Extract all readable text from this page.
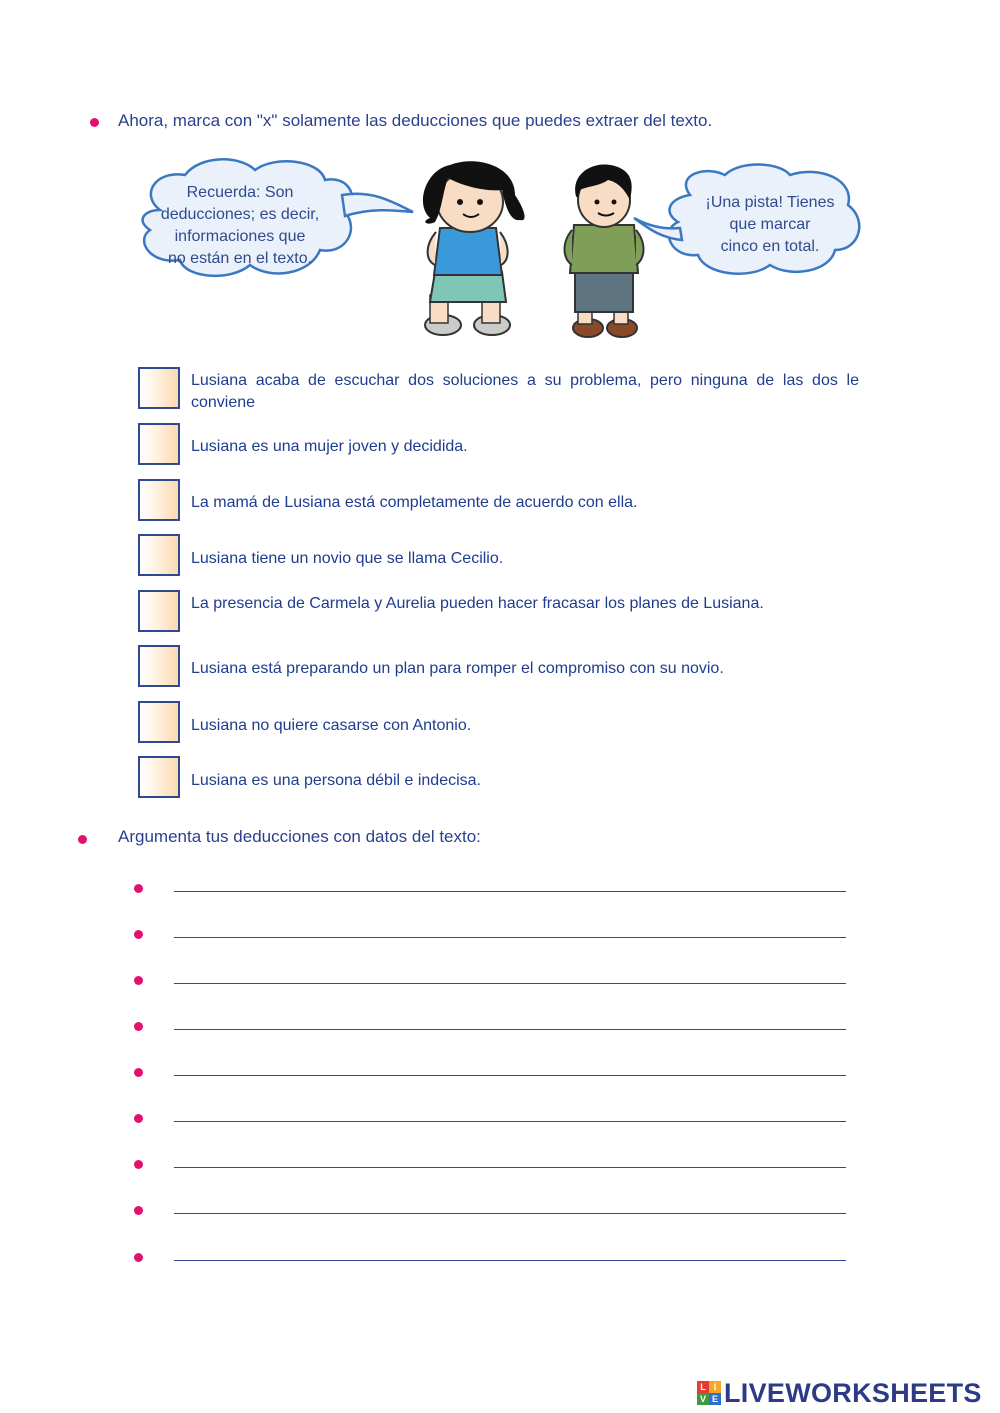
Ahora, marca con "x" solamente las deducciones que puedes extraer del texto.
Recuerda: Son
deducciones; es decir,
informaciones que
no están en el texto.
¡Una pista! Tienes
que marcar
cinco en total.
Lusiana acaba de escuchar dos soluciones a su problema, pero ninguna de las dos le conviene
Lusiana es una mujer joven y decidida.
La mamá de Lusiana está completamente de acuerdo con ella.
Lusiana tiene un novio que se llama Cecilio.
La presencia de Carmela y Aurelia pueden hacer fracasar los planes de Lusiana.
Lusiana está preparando un plan para romper el compromiso con su novio.
Lusiana no quiere casarse con Antonio.
Lusiana es una persona débil e indecisa.
Argumenta tus deducciones con datos del texto:
L I
V E LIVEWORKSHEETS
